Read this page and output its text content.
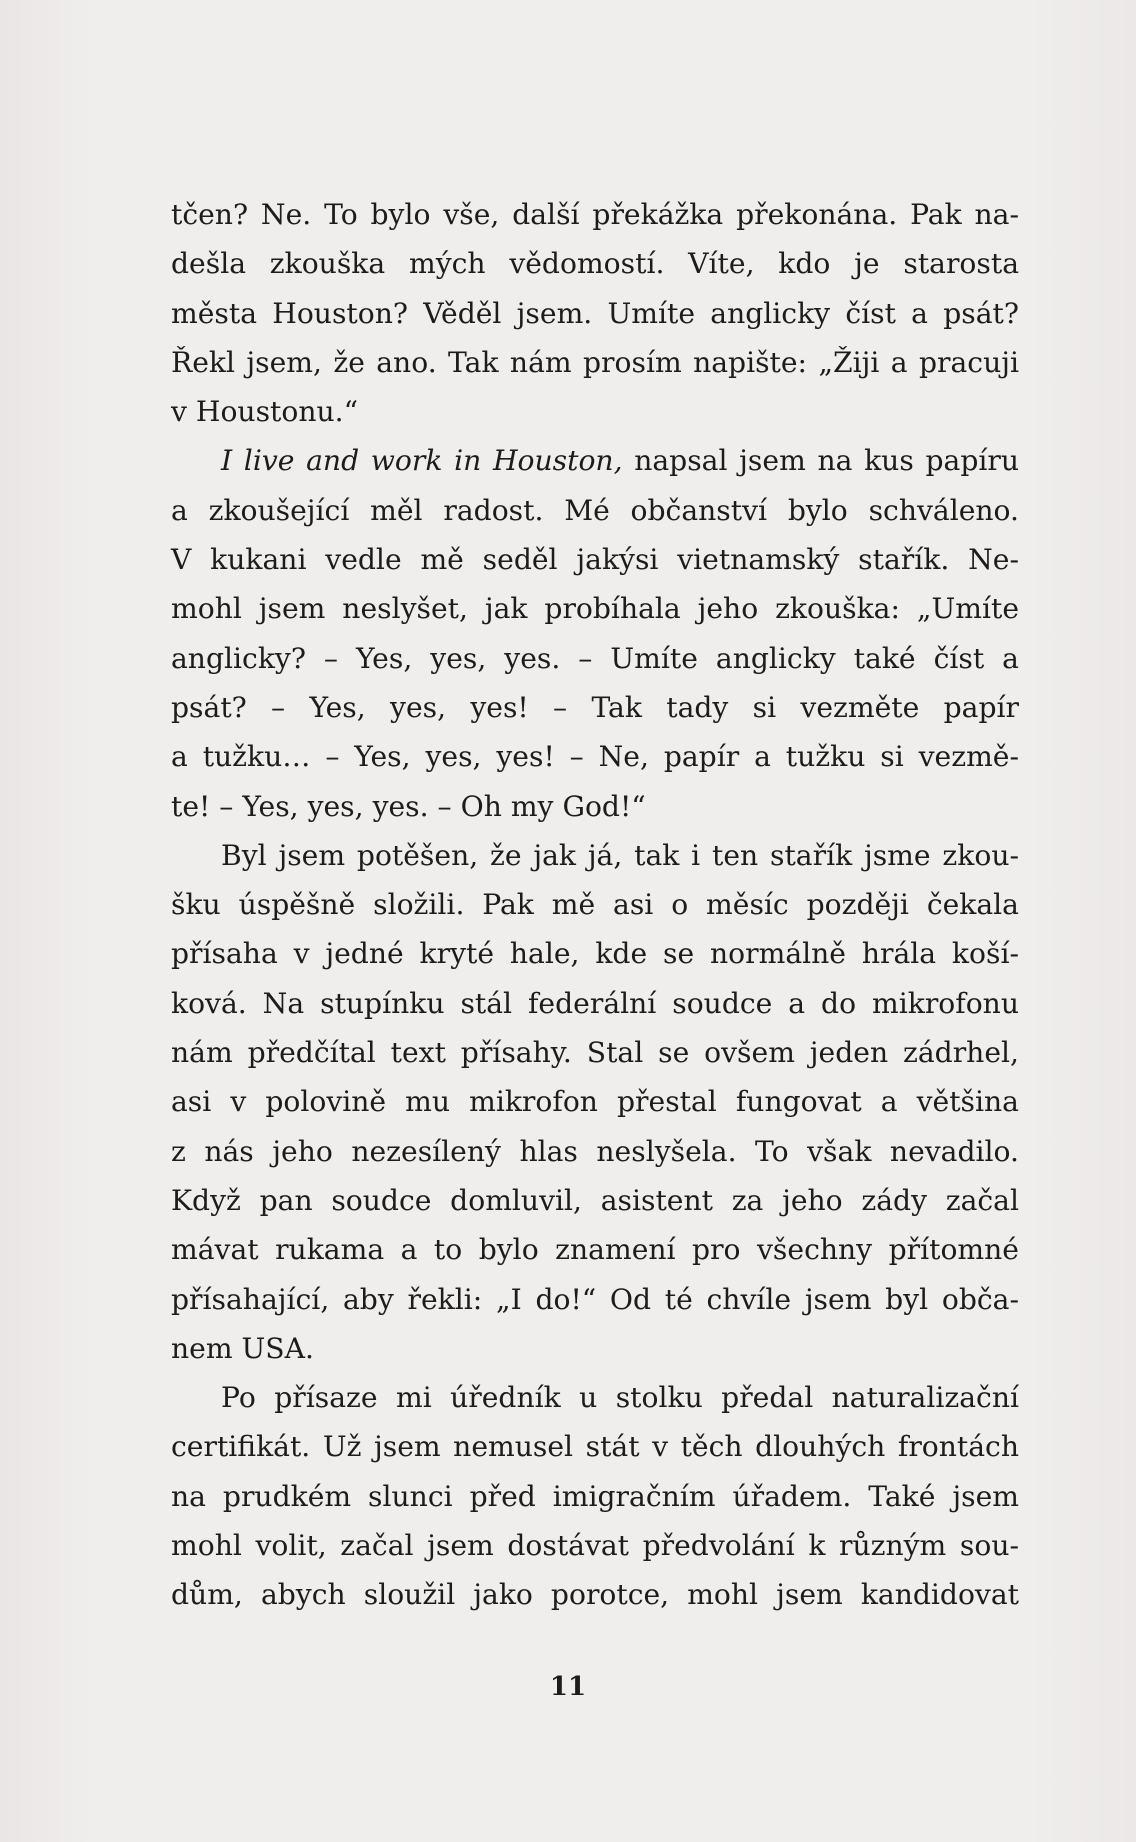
tčen? Ne. To bylo vše, další překážka překonána. Pak na-
dešla zkouška mých vědomostí. Víte, kdo je starosta
města Houston? Věděl jsem. Umíte anglicky číst a psát?
Řekl jsem, že ano. Tak nám prosím napište: „Žiji a pracuji
v Houstonu.“
I live and work in Houston, napsal jsem na kus papíru
a zkoušející měl radost. Mé občanství bylo schváleno.
V kukani vedle mě seděl jakýsi vietnamský stařík. Ne-
mohl jsem neslyšet, jak probíhala jeho zkouška: „Umíte
anglicky? – Yes, yes, yes. – Umíte anglicky také číst a
psát? – Yes, yes, yes! – Tak tady si vezměte papír
a tužku… – Yes, yes, yes! – Ne, papír a tužku si vezmě-
te! – Yes, yes, yes. – Oh my God!“
Byl jsem potěšen, že jak já, tak i ten stařík jsme zkou-
šku úspěšně složili. Pak mě asi o měsíc později čekala
přísaha v jedné kryté hale, kde se normálně hrála koší-
ková. Na stupínku stál federální soudce a do mikrofonu
nám předčítal text přísahy. Stal se ovšem jeden zádrhel,
asi v polovině mu mikrofon přestal fungovat a většina
z nás jeho nezesílený hlas neslyšela. To však nevadilo.
Když pan soudce domluvil, asistent za jeho zády začal
mávat rukama a to bylo znamení pro všechny přítomné
přísahající, aby řekli: „I do!“ Od té chvíle jsem byl obča-
nem USA.
Po přísaze mi úředník u stolku předal naturalizační
certifikát. Už jsem nemusel stát v těch dlouhých frontách
na prudkém slunci před imigračním úřadem. Také jsem
mohl volit, začal jsem dostávat předvolání k různým sou-
dům, abych sloužil jako porotce, mohl jsem kandidovat
11
